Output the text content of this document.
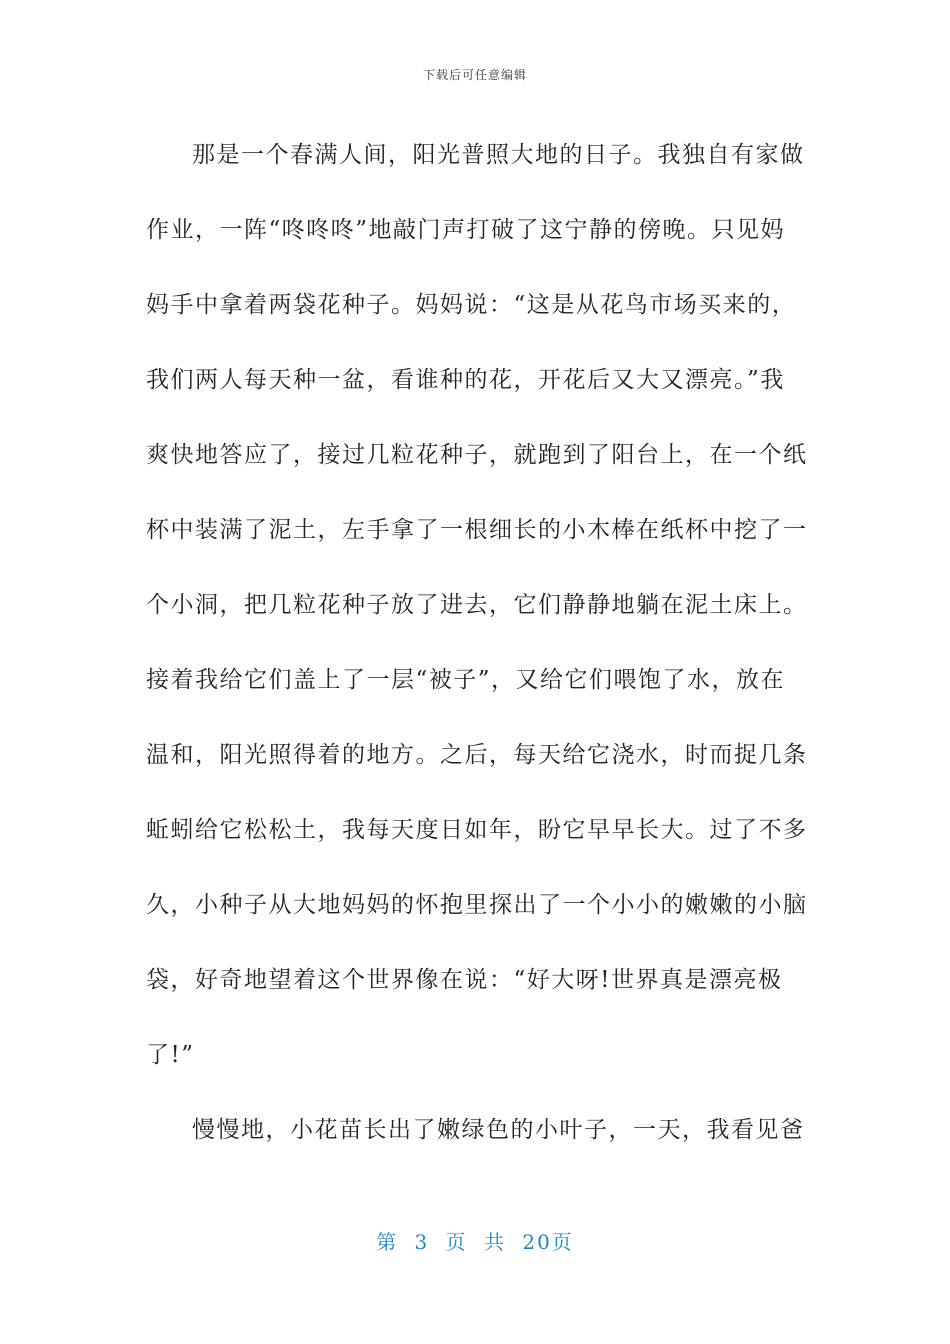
下载后可任意编辑
那是一个春满人间，阳光普照大地的日子。我独自有家做
作业，一阵“咚咚咚”地敲门声打破了这宁静的傍晚。只见妈
妈手中拿着两袋花种子。妈妈说：“这是从花鸟市场买来的，
我们两人每天种一盆，看谁种的花，开花后又大又漂亮。”我
爽快地答应了，接过几粒花种子，就跑到了阳台上，在一个纸
杯中装满了泥土，左手拿了一根细长的小木棒在纸杯中挖了一
个小洞，把几粒花种子放了进去，它们静静地躺在泥土床上。
接着我给它们盖上了一层“被子”，又给它们喂饱了水，放在
温和，阳光照得着的地方。之后，每天给它浇水，时而捉几条
蚯蚓给它松松土，我每天度日如年，盼它早早长大。过了不多
久，小种子从大地妈妈的怀抱里探出了一个小小的嫩嫩的小脑
袋，好奇地望着这个世界像在说：“好大呀!世界真是漂亮极
了!”
慢慢地，小花苗长出了嫩绿色的小叶子，一天，我看见爸
第 3 页 共 20页
